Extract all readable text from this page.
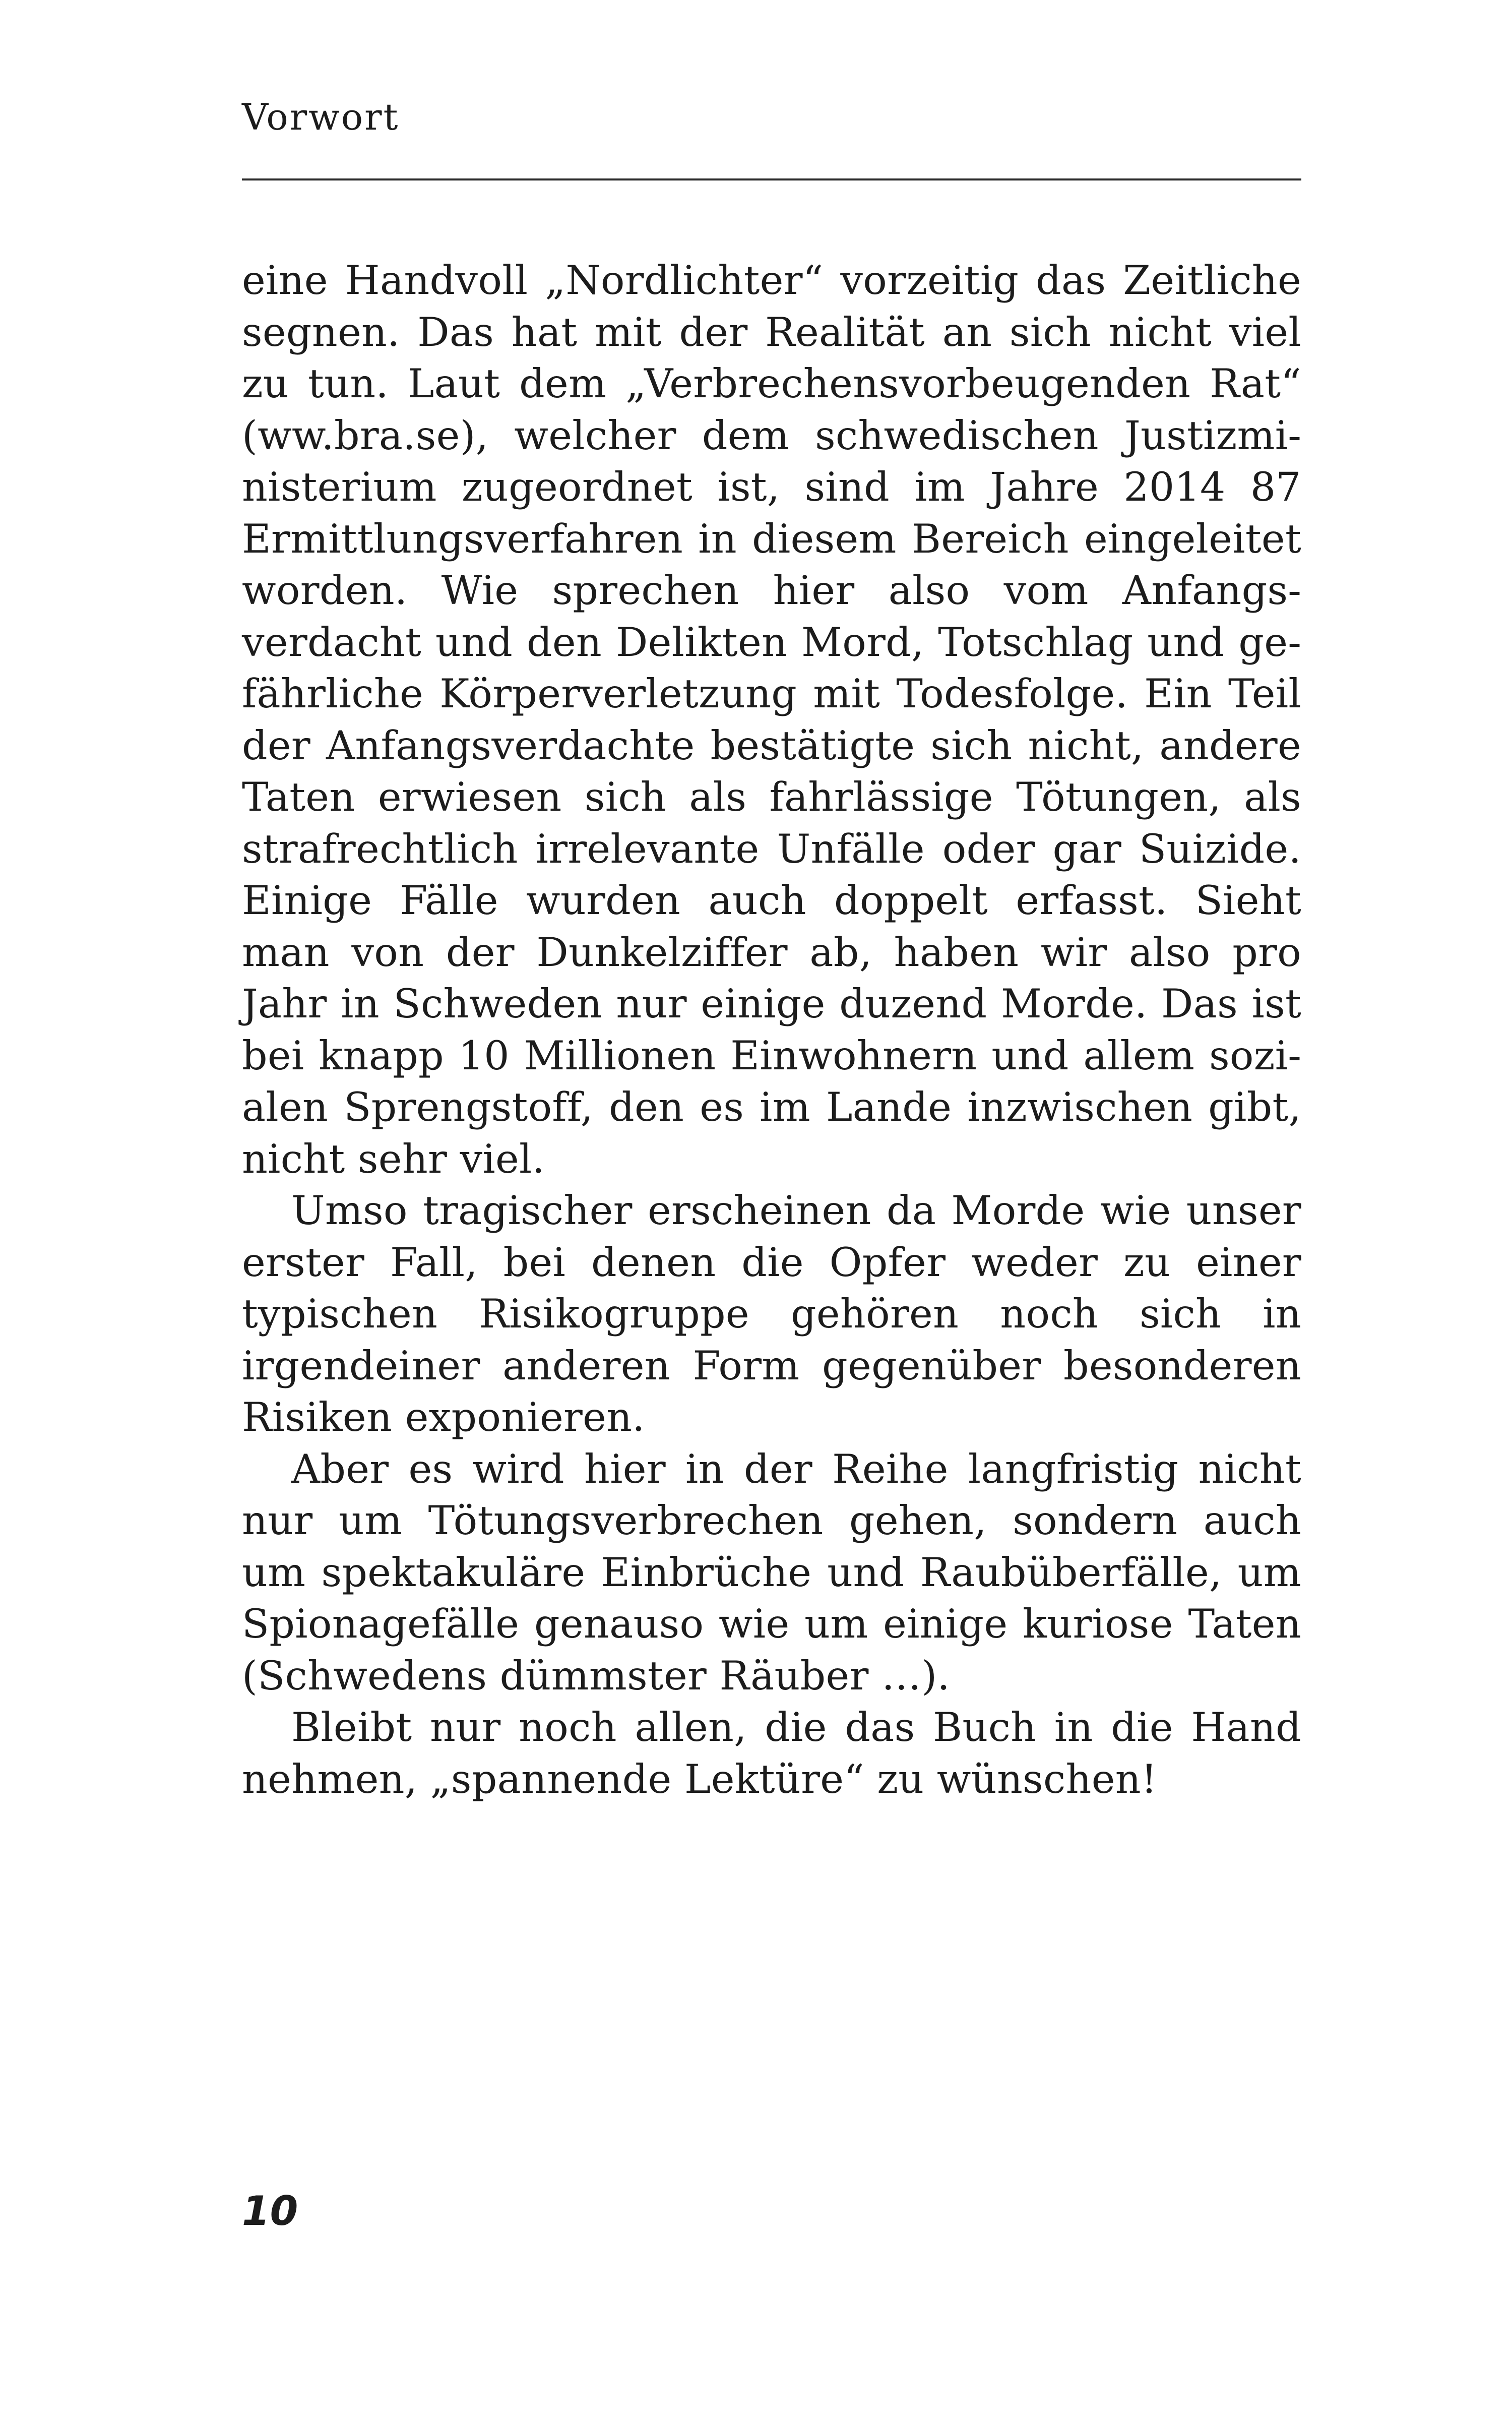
Vorwort

eine Handvoll „Nordlichter“ vorzeitig das Zeitliche segnen. Das hat mit der Realität an sich nicht viel zu tun. Laut dem „Verbrechensvorbeugenden Rat“ (ww.bra.se), welcher dem schwedischen Justizministerium zugeordnet ist, sind im Jahre 2014 87 Ermittlungsverfahren in diesem Bereich eingeleitet worden. Wie sprechen hier also vom Anfangsverdacht und den Delikten Mord, Totschlag und gefährliche Körperverletzung mit Todesfolge. Ein Teil der Anfangsverdachte bestätigte sich nicht, andere Taten erwiesen sich als fahrlässige Tötungen, als strafrechtlich irrelevante Unfälle oder gar Suizide. Einige Fälle wurden auch doppelt erfasst. Sieht man von der Dunkelziffer ab, haben wir also pro Jahr in Schweden nur einige duzend Morde. Das ist bei knapp 10 Millionen Einwohnern und allem sozialen Sprengstoff, den es im Lande inzwischen gibt, nicht sehr viel.

Umso tragischer erscheinen da Morde wie unser erster Fall, bei denen die Opfer weder zu einer typischen Risikogruppe gehören noch sich in irgendeiner anderen Form gegenüber besonderen Risiken exponieren.

Aber es wird hier in der Reihe langfristig nicht nur um Tötungsverbrechen gehen, sondern auch um spektakuläre Einbrüche und Raubüberfälle, um Spionagefälle genauso wie um einige kuriose Taten (Schwedens dümmster Räuber …).

Bleibt nur noch allen, die das Buch in die Hand nehmen, „spannende Lektüre“ zu wünschen!

10
